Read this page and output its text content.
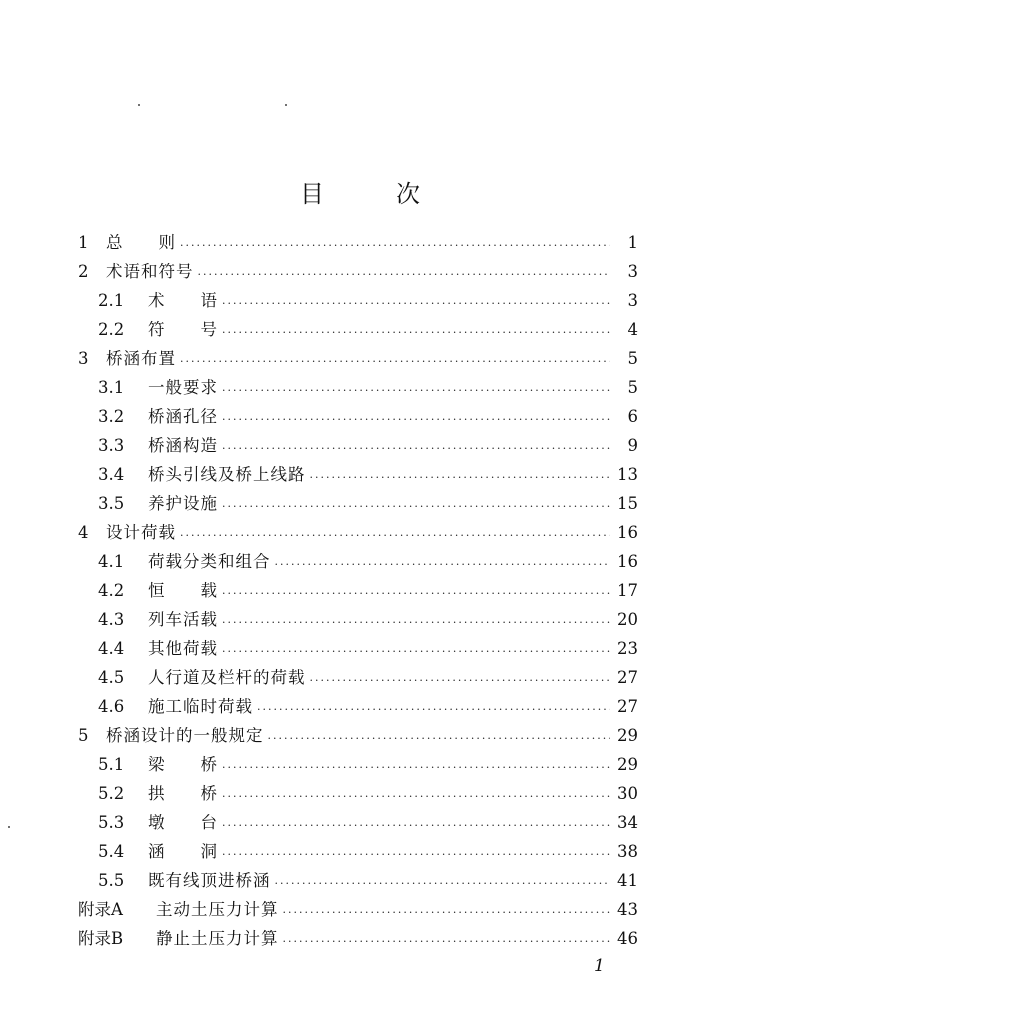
目	次
1	总　　则 ·····	1
2	术语和符号 ·····	3
2.1	术　　语 ·····	3
2.2	符　　号 ·····	4
3	桥涵布置 ·····	5
3.1	一般要求 ·····	5
3.2	桥涵孔径 ·····	6
3.3	桥涵构造 ·····	9
3.4	桥头引线及桥上线路 ·····	13
3.5	养护设施 ·····	15
4	设计荷载 ·····	16
4.1	荷载分类和组合 ·····	16
4.2	恒　　载 ·····	17
4.3	列车活载 ·····	20
4.4	其他荷载 ·····	23
4.5	人行道及栏杆的荷载 ·····	27
4.6	施工临时荷载 ·····	27
5	桥涵设计的一般规定 ·····	29
5.1	梁　　桥 ·····	29
5.2	拱　　桥 ·····	30
5.3	墩　　台 ·····	34
5.4	涵　　洞 ·····	38
5.5	既有线顶进桥涵 ·····	41
附录A	主动土压力计算 ·····	43
附录B	静止土压力计算 ·····	46
1
